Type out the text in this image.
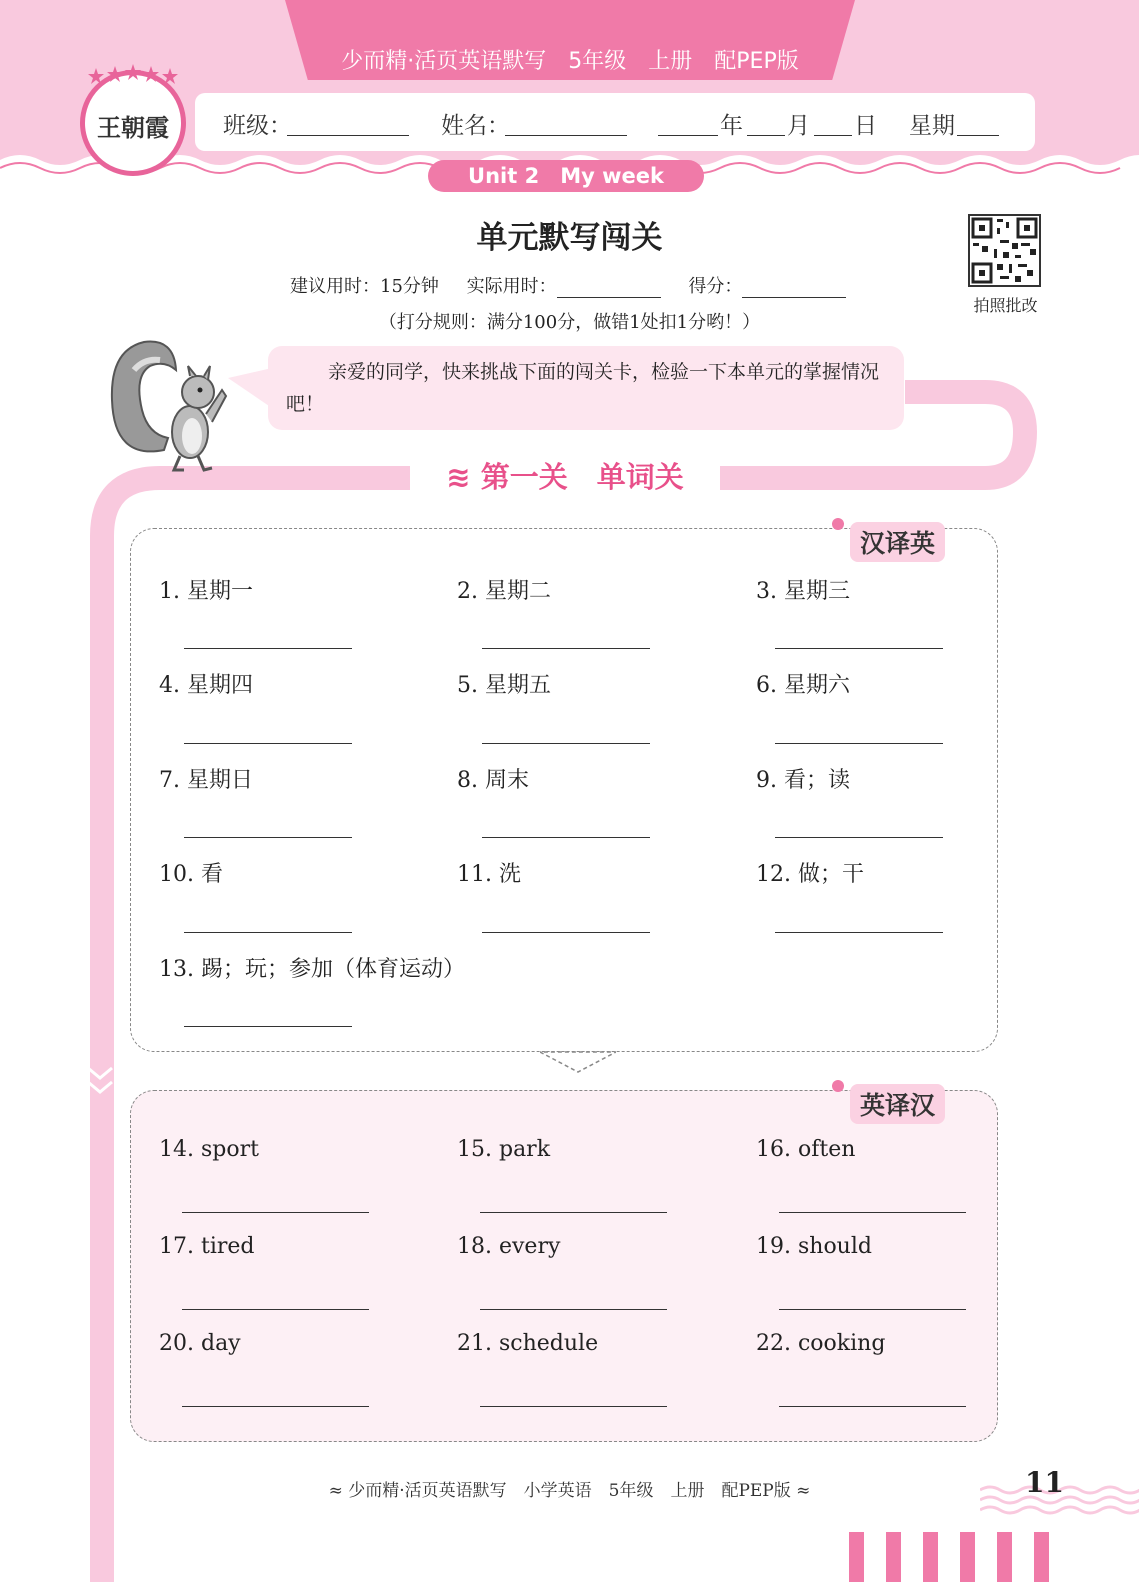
少而精·活页英语默写　5年级　上册　配PEP版
班级：	姓名：	年 月 日 星期
王朝霞
Unit 2　My week
单元默写闯关
拍照批改
建议用时：15分钟 实际用时：	得分：
（打分规则：满分100分，做错1处扣1分哟！）
亲爱的同学，快来挑战下面的闯关卡，检验一下本单元的掌握情况吧！
≋ 第一关　单词关
汉译英
1. 星期一	2. 星期二	3. 星期三
4. 星期四	5. 星期五	6. 星期六
7. 星期日	8. 周末	9. 看；读
10. 看	11. 洗	12. 做；干
13. 踢；玩；参加（体育运动）
英译汉
14. sport	15. park	16. often
17. tired	18. every	19. should
20. day	21. schedule	22. cooking
≈ 少而精·活页英语默写　小学英语　5年级　上册　配PEP版 ≈	11
